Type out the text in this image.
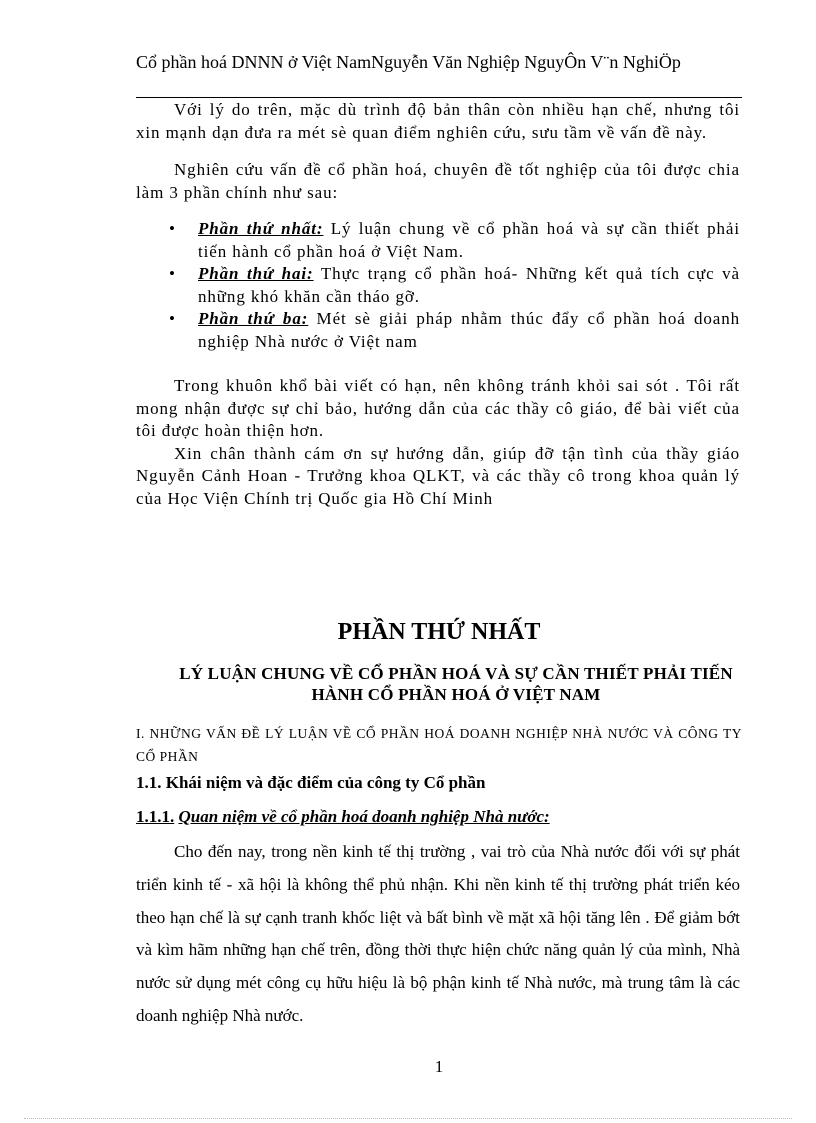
Cổ phần hoá DNNN ở Việt NamNguyễn Văn Nghiệp NguyÔn V¨n NghiÖp

Với lý do trên, mặc dù trình độ bản thân còn nhiều hạn chế, nhưng tôi xin mạnh dạn đưa ra mét sè quan điểm nghiên cứu, sưu tầm về vấn đề này.

Nghiên cứu vấn đề cổ phần hoá, chuyên đề tốt nghiệp của tôi được chia làm 3 phần chính như sau:

• Phần thứ nhất: Lý luận chung về cổ phần hoá và sự cần thiết phải tiến hành cổ phần hoá ở Việt Nam.
• Phần thứ hai: Thực trạng cổ phần hoá- Những kết quả tích cực và những khó khăn cần tháo gỡ.
• Phần thứ ba: Mét sè giải pháp nhằm thúc đẩy cổ phần hoá doanh nghiệp Nhà nước ở Việt nam

Trong khuôn khổ bài viết có hạn, nên không tránh khỏi sai sót . Tôi rất mong nhận được sự chỉ bảo, hướng dẫn của các thầy cô giáo, để bài viết của tôi được hoàn thiện hơn.

Xin chân thành cám ơn sự hướng dẫn, giúp đỡ tận tình của thầy giáo Nguyễn Cảnh Hoan - Trưởng khoa QLKT, và các thầy cô trong khoa quản lý của Học Viện Chính trị Quốc gia Hồ Chí Minh

PHẦN THỨ NHẤT
LÝ LUẬN CHUNG VỀ CỔ PHẦN HOÁ VÀ SỰ CẦN THIẾT PHẢI TIẾN HÀNH CỔ PHẦN HOÁ Ở VIỆT NAM

I. NHỮNG VẤN ĐỀ LÝ LUẬN VỀ CỔ PHẦN HOÁ DOANH NGHIỆP NHÀ NƯỚC VÀ CÔNG TY CỔ PHẦN

1.1. Khái niệm và đặc điểm của công ty Cổ phần

1.1.1. Quan niệm về cổ phần hoá doanh nghiệp Nhà nước:

Cho đến nay, trong nền kinh tế thị trường , vai trò của Nhà nước đối với sự phát triển kinh tế - xã hội là không thể phủ nhận. Khi nền kinh tế thị trường phát triển kéo theo hạn chế là sự cạnh tranh khốc liệt và bất bình về mặt xã hội tăng lên . Để giảm bớt và kìm hãm những hạn chế trên, đồng thời thực hiện chức năng quản lý của mình, Nhà nước sử dụng mét công cụ hữu hiệu là bộ phận kinh tế Nhà nước, mà trung tâm là các doanh nghiệp Nhà nước.

1
